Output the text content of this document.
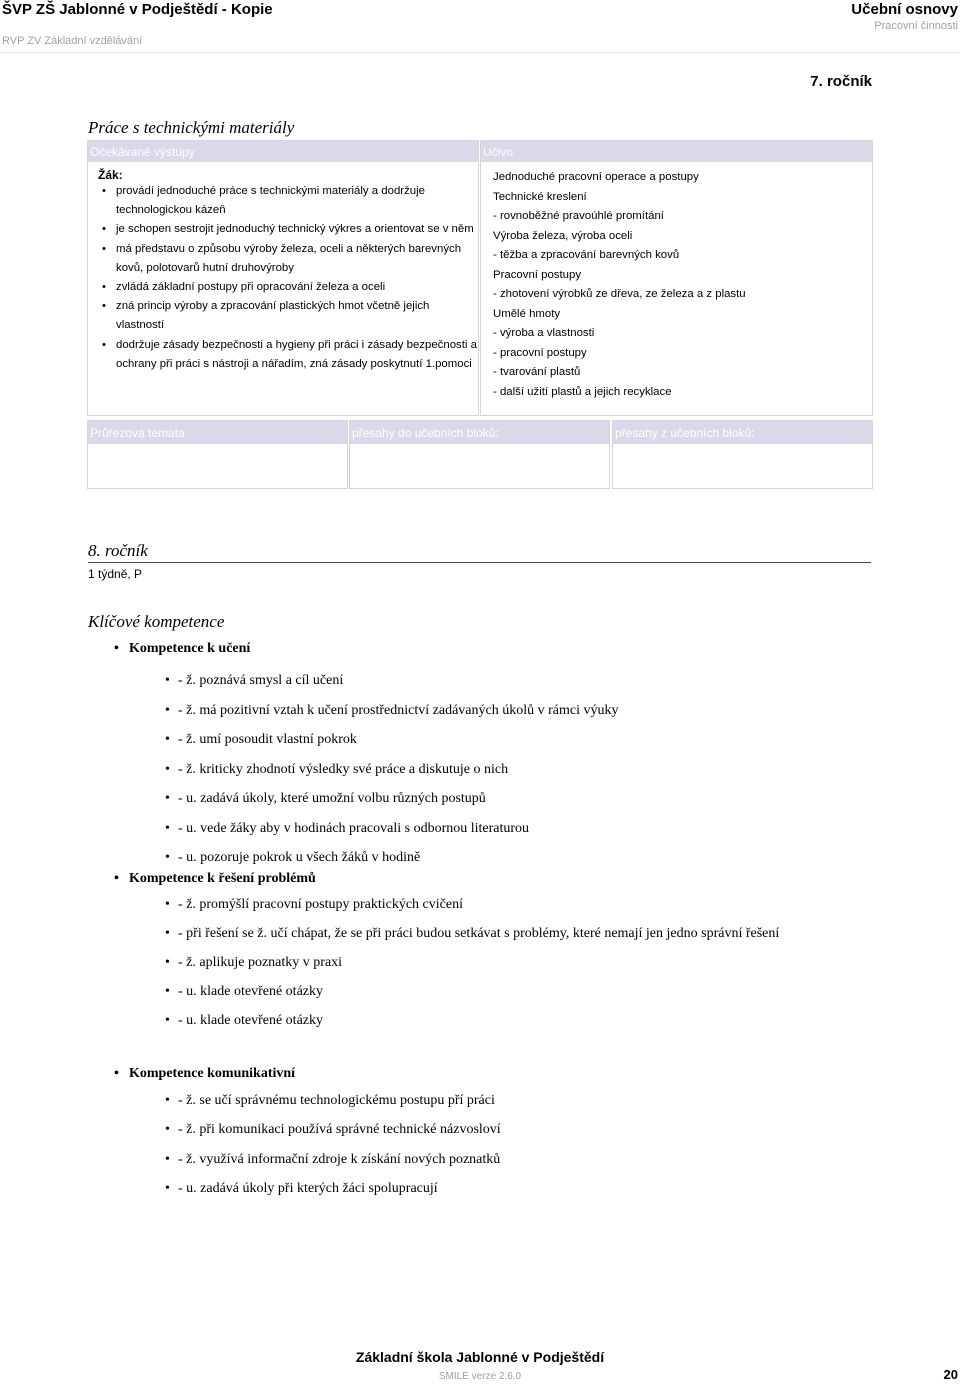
ŠVP ZŠ Jablonné v Podještědí - Kopie
RVP ZV Základní vzdělávání
Učební osnovy
Pracovní činnosti
7. ročník
Práce s technickými materiály
Očekávané výstupy
Žák:
• provádí jednoduché práce s technickými materiály a dodržuje technologickou kázeň
• je schopen sestrojit jednoduchý technický výkres a orientovat se v něm
• má představu o způsobu výroby železa, oceli a některých barevných kovů, polotovarů hutní druhovýroby
• zvládá základní postupy při opracování železa a oceli
• zná princip výroby a zpracování plastických hmot včetně jejich vlastností
• dodržuje zásady bezpečnosti a hygieny při práci i zásady bezpečnosti a ochrany při práci s nástroji a nářadím, zná zásady poskytnutí 1.pomoci
Učivo
Jednoduché pracovní operace a postupy
Technické kreslení
- rovnoběžné pravoúhlé promítání
Výroba železa, výroba oceli
- těžba a zpracování barevných kovů
Pracovní postupy
- zhotovení výrobků ze dřeva, ze železa a z plastu
Umělé hmoty
- výroba a vlastnosti
- pracovní postupy
- tvarování plastů
- další užití plastů a jejich recyklace
Průřezová témata	přesahy do učebních bloků:	přesahy z učebních bloků:
8. ročník
1 týdně, P
Klíčové kompetence
• Kompetence k učení
• - ž. poznává smysl a cíl učení
• - ž. má pozitivní vztah k učení prostřednictví zadávaných úkolů v rámci výuky
• - ž. umí posoudit vlastní pokrok
• - ž. kriticky zhodnotí výsledky své práce a diskutuje o nich
• - u. zadává úkoly, které umožní volbu různých postupů
• - u. vede žáky aby v hodinách pracovali s odbornou literaturou
• - u. pozoruje pokrok u všech žáků v hodině
• Kompetence k řešení problémů
• - ž. promýšlí pracovní postupy praktických cvičení
• - při řešení se ž. učí chápat, že se při práci budou setkávat s problémy, které nemají jen jedno správní řešení
• - ž. aplikuje poznatky v praxi
• - u. klade otevřené otázky
• - u. klade otevřené otázky
• Kompetence komunikativní
• - ž. se učí správnému technologickému postupu pří práci
• - ž. při komunikaci používá správné technické názvosloví
• - ž. využívá informační zdroje k získání nových poznatků
• - u. zadává úkoly při kterých žáci spolupracují
Základní škola Jablonné v Podještědí
SMILE verze 2.6.0	20
